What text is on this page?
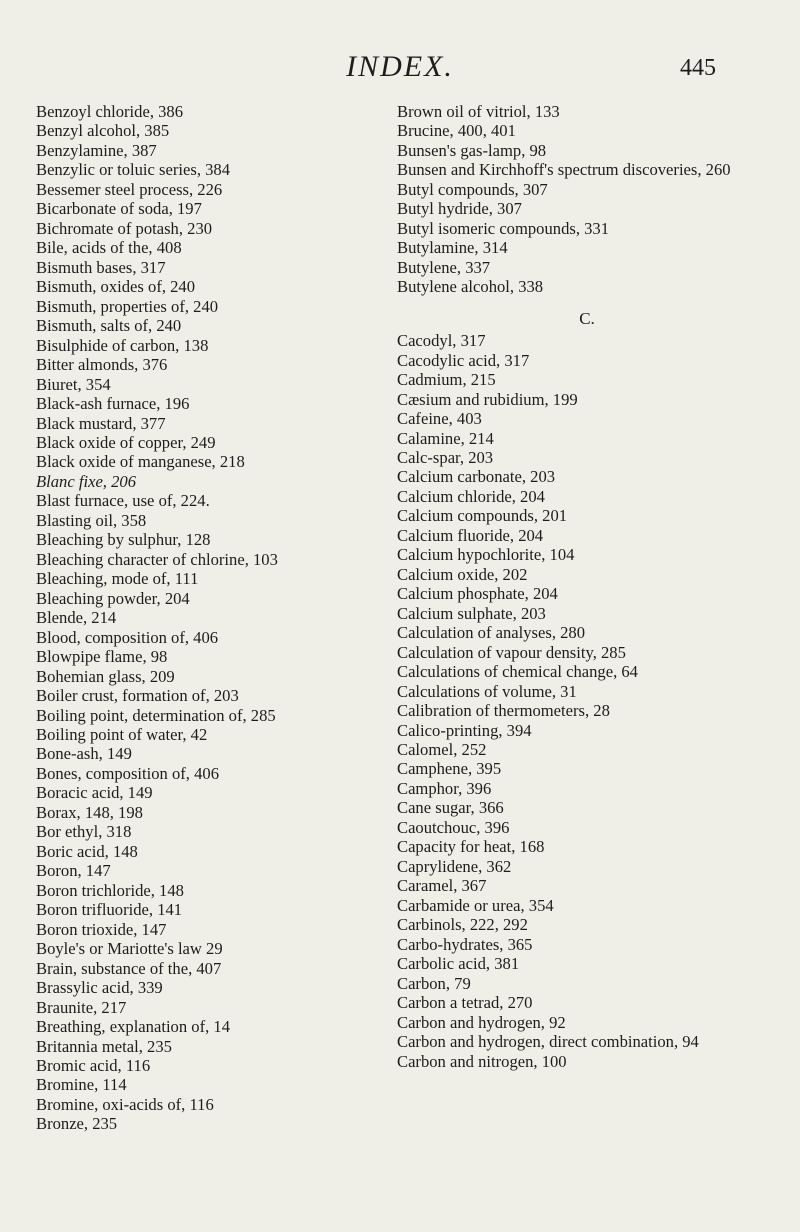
INDEX.	445
Benzoyl chloride, 386
Benzyl alcohol, 385
Benzylamine, 387
Benzylic or toluic series, 384
Bessemer steel process, 226
Bicarbonate of soda, 197
Bichromate of potash, 230
Bile, acids of the, 408
Bismuth bases, 317
Bismuth, oxides of, 240
Bismuth, properties of, 240
Bismuth, salts of, 240
Bisulphide of carbon, 138
Bitter almonds, 376
Biuret, 354
Black-ash furnace, 196
Black mustard, 377
Black oxide of copper, 249
Black oxide of manganese, 218
Blanc fixe, 206
Blast furnace, use of, 224.
Blasting oil, 358
Bleaching by sulphur, 128
Bleaching character of chlorine, 103
Bleaching, mode of, 111
Bleaching powder, 204
Blende, 214
Blood, composition of, 406
Blowpipe flame, 98
Bohemian glass, 209
Boiler crust, formation of, 203
Boiling point, determination of, 285
Boiling point of water, 42
Bone-ash, 149
Bones, composition of, 406
Boracic acid, 149
Borax, 148, 198
Bor ethyl, 318
Boric acid, 148
Boron, 147
Boron trichloride, 148
Boron trifluoride, 141
Boron trioxide, 147
Boyle's or Mariotte's law 29
Brain, substance of the, 407
Brassylic acid, 339
Braunite, 217
Breathing, explanation of, 14
Britannia metal, 235
Bromic acid, 116
Bromine, 114
Bromine, oxi-acids of, 116
Bronze, 235
Brown oil of vitriol, 133
Brucine, 400, 401
Bunsen's gas-lamp, 98
Bunsen and Kirchhoff's spectrum discoveries, 260
Butyl compounds, 307
Butyl hydride, 307
Butyl isomeric compounds, 331
Butylamine, 314
Butylene, 337
Butylene alcohol, 338
C.
Cacodyl, 317
Cacodylic acid, 317
Cadmium, 215
Cæsium and rubidium, 199
Cafeine, 403
Calamine, 214
Calc-spar, 203
Calcium carbonate, 203
Calcium chloride, 204
Calcium compounds, 201
Calcium fluoride, 204
Calcium hypochlorite, 104
Calcium oxide, 202
Calcium phosphate, 204
Calcium sulphate, 203
Calculation of analyses, 280
Calculation of vapour density, 285
Calculations of chemical change, 64
Calculations of volume, 31
Calibration of thermometers, 28
Calico-printing, 394
Calomel, 252
Camphene, 395
Camphor, 396
Cane sugar, 366
Caoutchouc, 396
Capacity for heat, 168
Caprylidene, 362
Caramel, 367
Carbamide or urea, 354
Carbinols, 222, 292
Carbo-hydrates, 365
Carbolic acid, 381
Carbon, 79
Carbon a tetrad, 270
Carbon and hydrogen, 92
Carbon and hydrogen, direct combination, 94
Carbon and nitrogen, 100
